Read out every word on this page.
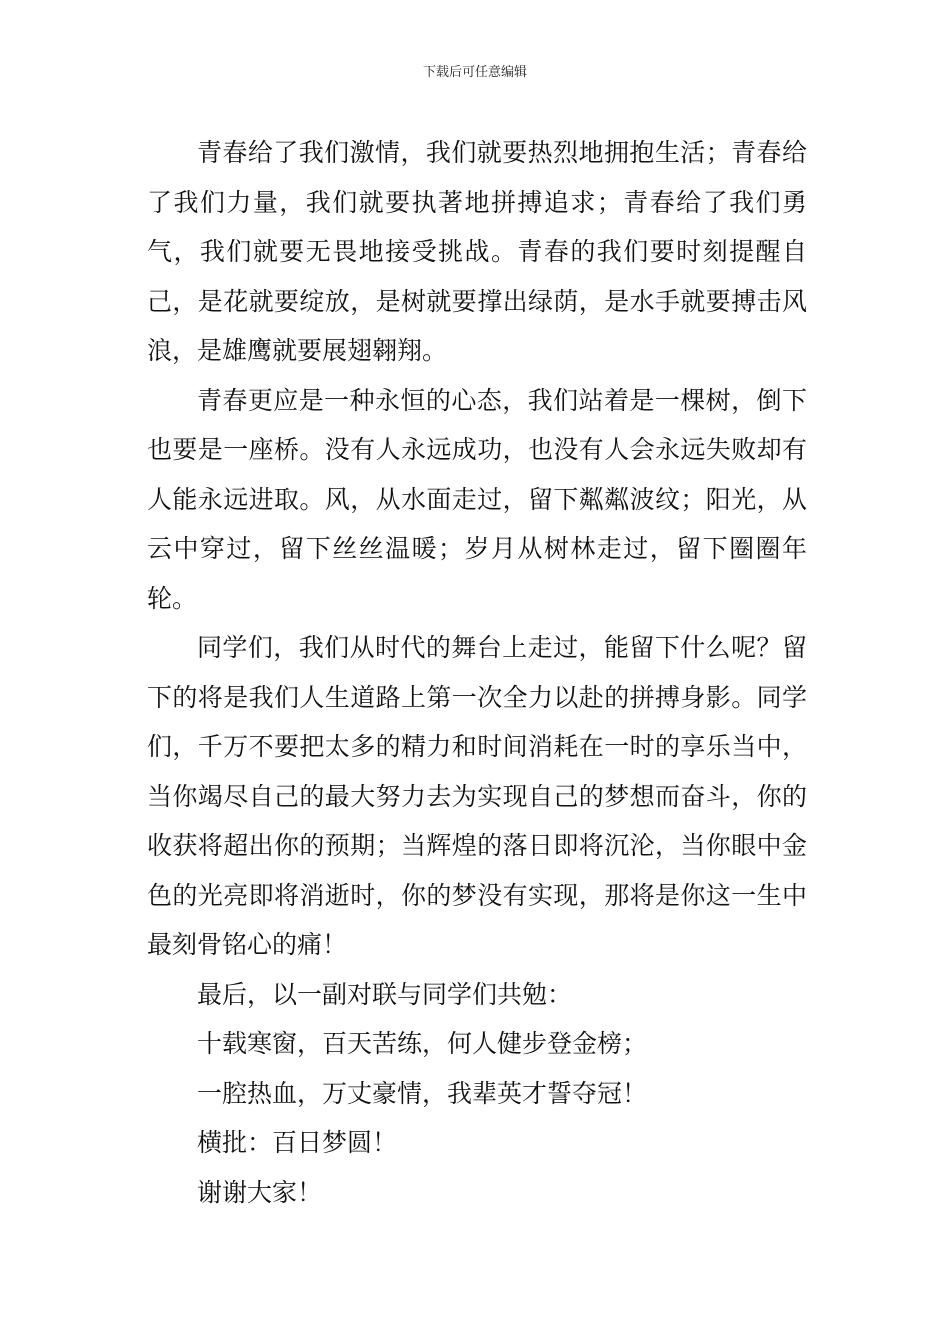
下载后可任意编辑

青春给了我们激情，我们就要热烈地拥抱生活；青春给了我们力量，我们就要执著地拼搏追求；青春给了我们勇气，我们就要无畏地接受挑战。青春的我们要时刻提醒自己，是花就要绽放，是树就要撑出绿荫，是水手就要搏击风浪，是雄鹰就要展翅翱翔。

青春更应是一种永恒的心态，我们站着是一棵树，倒下也要是一座桥。没有人永远成功，也没有人会永远失败却有人能永远进取。风，从水面走过，留下粼粼波纹；阳光，从云中穿过，留下丝丝温暖；岁月从树林走过，留下圈圈年轮。

同学们，我们从时代的舞台上走过，能留下什么呢？留下的将是我们人生道路上第一次全力以赴的拼搏身影。同学们，千万不要把太多的精力和时间消耗在一时的享乐当中，当你竭尽自己的最大努力去为实现自己的梦想而奋斗，你的收获将超出你的预期；当辉煌的落日即将沉沦，当你眼中金色的光亮即将消逝时，你的梦没有实现，那将是你这一生中最刻骨铭心的痛！

最后，以一副对联与同学们共勉：

十载寒窗，百天苦练，何人健步登金榜；

一腔热血，万丈豪情，我辈英才誓夺冠！

横批：百日梦圆！

谢谢大家！
